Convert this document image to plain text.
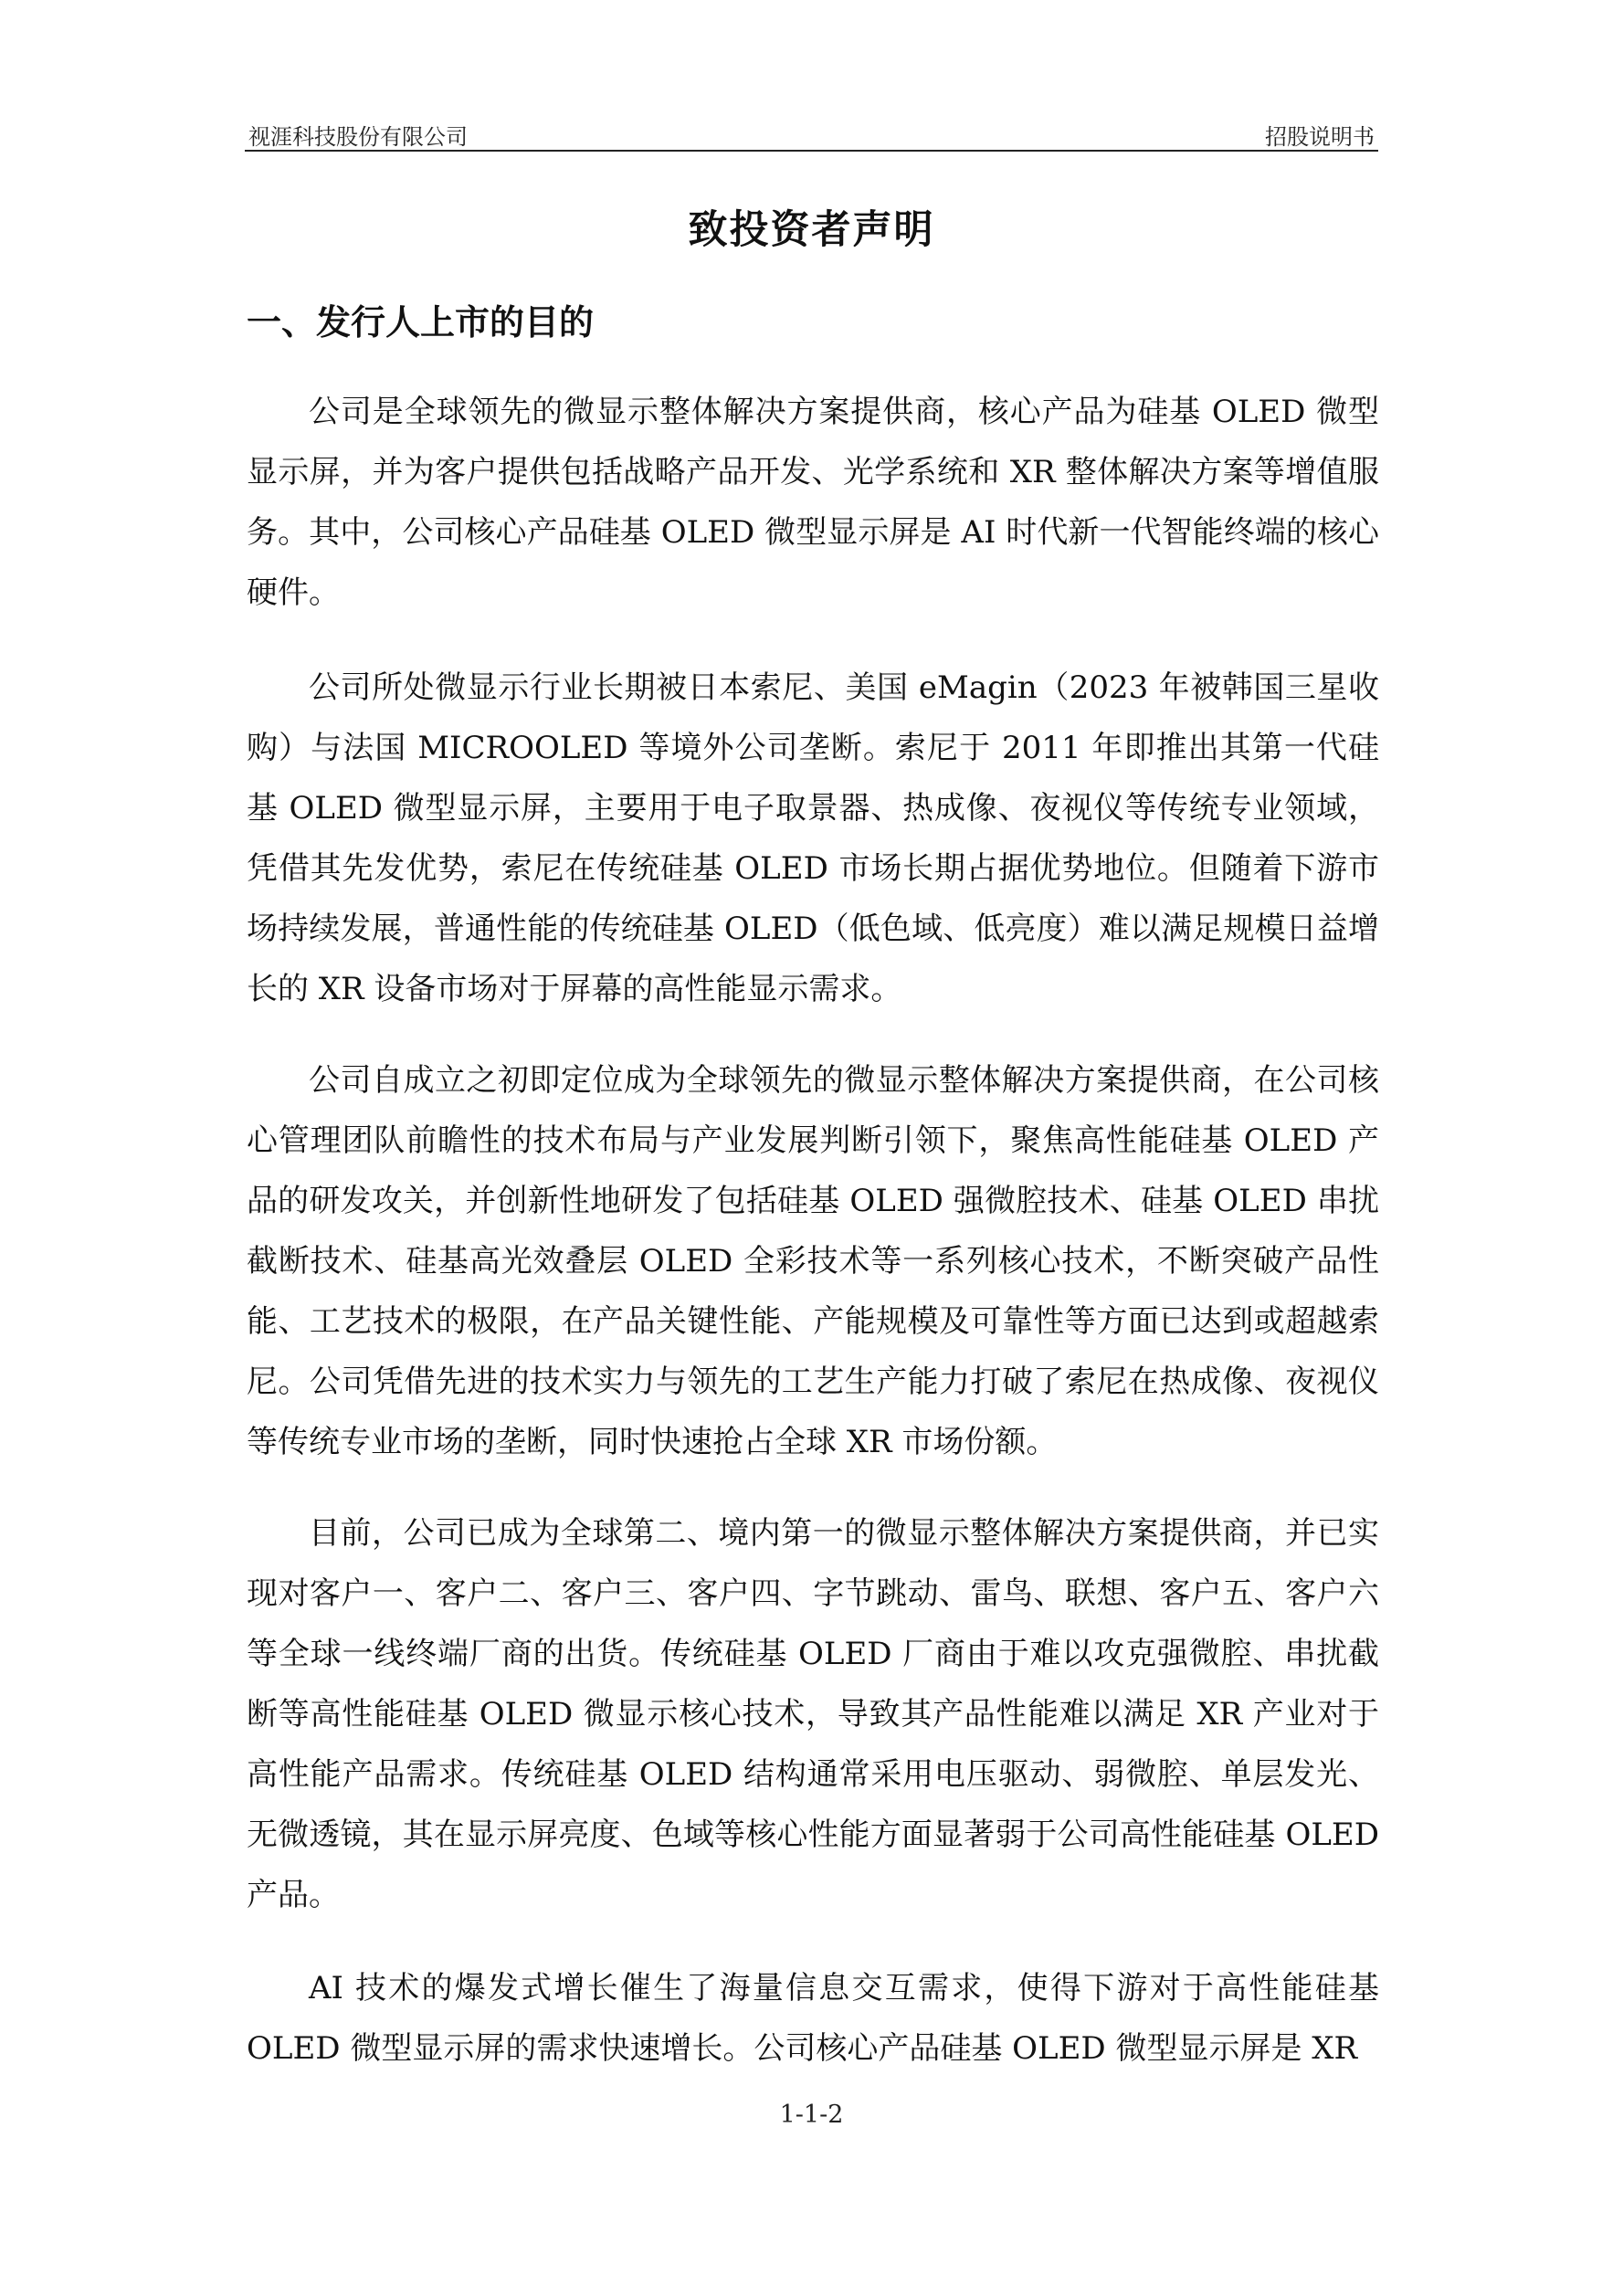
视涯科技股份有限公司	招股说明书
致投资者声明
一、发行人上市的目的

公司是全球领先的微显示整体解决方案提供商，核心产品为硅基 OLED 微型显示屏，并为客户提供包括战略产品开发、光学系统和 XR 整体解决方案等增值服务。其中，公司核心产品硅基 OLED 微型显示屏是 AI 时代新一代智能终端的核心硬件。

公司所处微显示行业长期被日本索尼、美国 eMagin（2023 年被韩国三星收购）与法国 MICROOLED 等境外公司垄断。索尼于 2011 年即推出其第一代硅基 OLED 微型显示屏，主要用于电子取景器、热成像、夜视仪等传统专业领域，凭借其先发优势，索尼在传统硅基 OLED 市场长期占据优势地位。但随着下游市场持续发展，普通性能的传统硅基 OLED（低色域、低亮度）难以满足规模日益增长的 XR 设备市场对于屏幕的高性能显示需求。

公司自成立之初即定位成为全球领先的微显示整体解决方案提供商，在公司核心管理团队前瞻性的技术布局与产业发展判断引领下，聚焦高性能硅基 OLED 产品的研发攻关，并创新性地研发了包括硅基 OLED 强微腔技术、硅基 OLED 串扰截断技术、硅基高光效叠层 OLED 全彩技术等一系列核心技术，不断突破产品性能、工艺技术的极限，在产品关键性能、产能规模及可靠性等方面已达到或超越索尼。公司凭借先进的技术实力与领先的工艺生产能力打破了索尼在热成像、夜视仪等传统专业市场的垄断，同时快速抢占全球 XR 市场份额。

目前，公司已成为全球第二、境内第一的微显示整体解决方案提供商，并已实现对客户一、客户二、客户三、客户四、字节跳动、雷鸟、联想、客户五、客户六等全球一线终端厂商的出货。传统硅基 OLED 厂商由于难以攻克强微腔、串扰截断等高性能硅基 OLED 微显示核心技术，导致其产品性能难以满足 XR 产业对于高性能产品需求。传统硅基 OLED 结构通常采用电压驱动、弱微腔、单层发光、无微透镜，其在显示屏亮度、色域等核心性能方面显著弱于公司高性能硅基 OLED 产品。

AI 技术的爆发式增长催生了海量信息交互需求，使得下游对于高性能硅基 OLED 微型显示屏的需求快速增长。公司核心产品硅基 OLED 微型显示屏是 XR

1-1-2
